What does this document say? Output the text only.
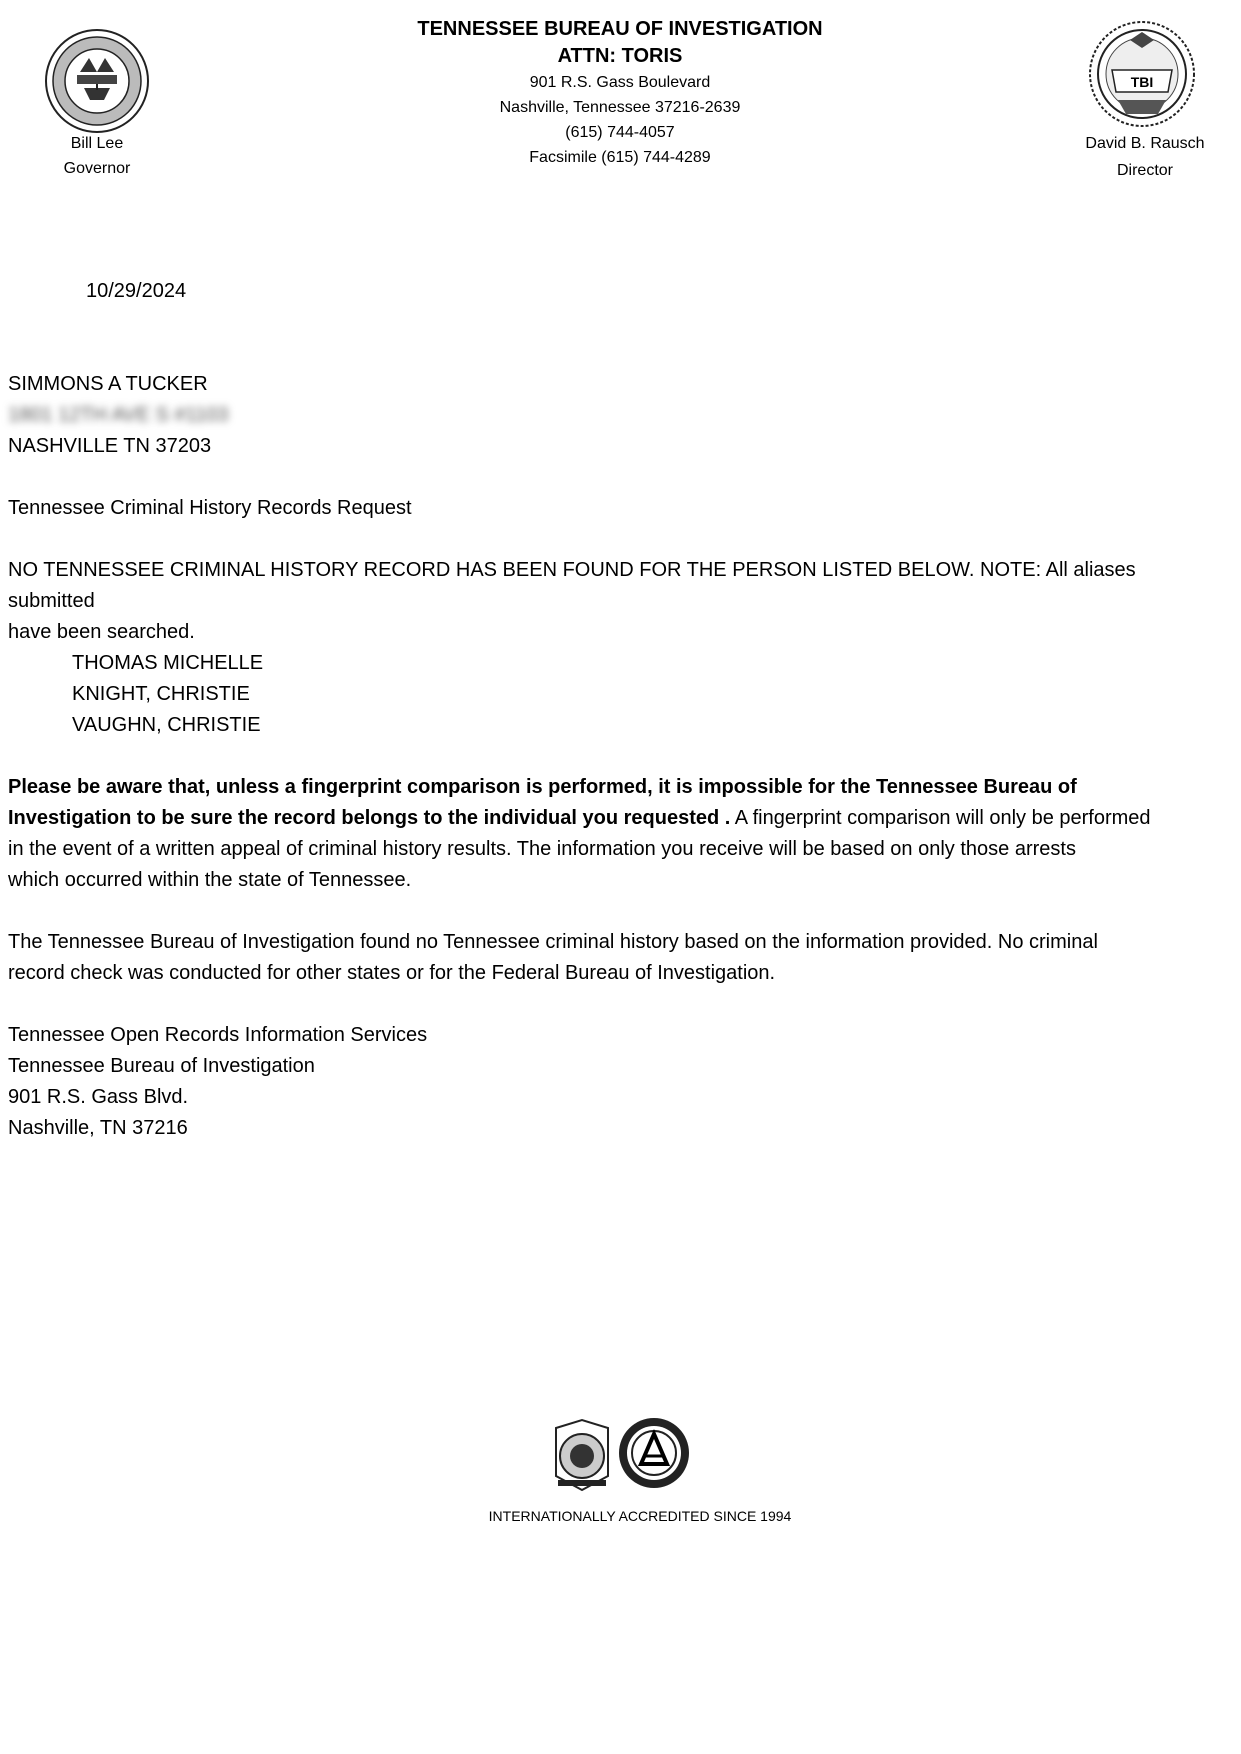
Bill Lee
Governor
TENNESSEE BUREAU OF INVESTIGATION
ATTN: TORIS
901 R.S. Gass Boulevard
Nashville, Tennessee 37216-2639
(615) 744-4057
Facsimile (615) 744-4289
TBI
David B. Rausch
Director
10/29/2024
SIMMONS A TUCKER
1801 12TH AVE S #1103
NASHVILLE TN 37203
Tennessee Criminal History Records Request
NO TENNESSEE CRIMINAL HISTORY RECORD HAS BEEN FOUND FOR THE PERSON LISTED BELOW. NOTE: All aliases submitted
have been searched.
THOMAS MICHELLE
KNIGHT, CHRISTIE
VAUGHN, CHRISTIE
Please be aware that, unless a fingerprint comparison is performed, it is impossible for the Tennessee Bureau of
Investigation to be sure the record belongs to the individual you requested . A fingerprint comparison will only be performed
in the event of a written appeal of criminal history results. The information you receive will be based on only those arrests
which occurred within the state of Tennessee.
The Tennessee Bureau of Investigation found no Tennessee criminal history based on the information provided. No criminal
record check was conducted for other states or for the Federal Bureau of Investigation.
Tennessee Open Records Information Services
Tennessee Bureau of Investigation
901 R.S. Gass Blvd.
Nashville, TN 37216
INTERNATIONALLY ACCREDITED SINCE 1994
